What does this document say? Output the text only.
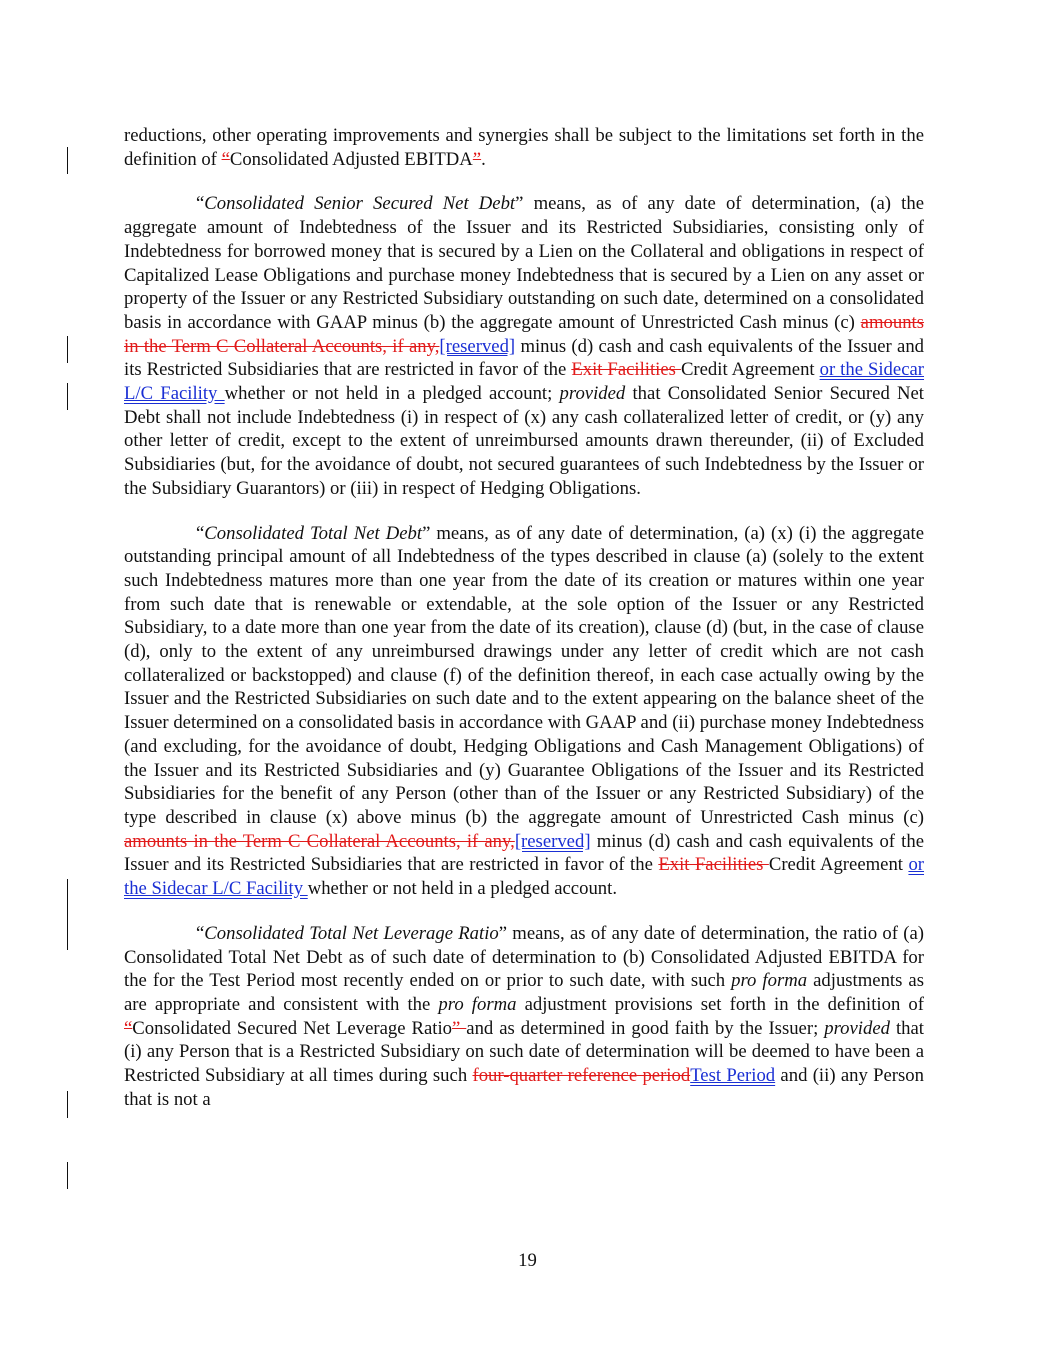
reductions, other operating improvements and synergies shall be subject to the limitations set forth in the definition of “Consolidated Adjusted EBITDA”.

“Consolidated Senior Secured Net Debt” means, as of any date of determination, (a) the aggregate amount of Indebtedness of the Issuer and its Restricted Subsidiaries, consisting only of Indebtedness for borrowed money that is secured by a Lien on the Collateral and obligations in respect of Capitalized Lease Obligations and purchase money Indebtedness that is secured by a Lien on any asset or property of the Issuer or any Restricted Subsidiary outstanding on such date, determined on a consolidated basis in accordance with GAAP minus (b) the aggregate amount of Unrestricted Cash minus (c) amounts in the Term C Collateral Accounts, if any,[reserved] minus (d) cash and cash equivalents of the Issuer and its Restricted Subsidiaries that are restricted in favor of the Exit Facilities Credit Agreement or the Sidecar L/C Facility whether or not held in a pledged account; provided that Consolidated Senior Secured Net Debt shall not include Indebtedness (i) in respect of (x) any cash collateralized letter of credit, or (y) any other letter of credit, except to the extent of unreimbursed amounts drawn thereunder, (ii) of Excluded Subsidiaries (but, for the avoidance of doubt, not secured guarantees of such Indebtedness by the Issuer or the Subsidiary Guarantors) or (iii) in respect of Hedging Obligations.

“Consolidated Total Net Debt” means, as of any date of determination, (a) (x) (i) the aggregate outstanding principal amount of all Indebtedness of the types described in clause (a) (solely to the extent such Indebtedness matures more than one year from the date of its creation or matures within one year from such date that is renewable or extendable, at the sole option of the Issuer or any Restricted Subsidiary, to a date more than one year from the date of its creation), clause (d) (but, in the case of clause (d), only to the extent of any unreimbursed drawings under any letter of credit which are not cash collateralized or backstopped) and clause (f) of the definition thereof, in each case actually owing by the Issuer and the Restricted Subsidiaries on such date and to the extent appearing on the balance sheet of the Issuer determined on a consolidated basis in accordance with GAAP and (ii) purchase money Indebtedness (and excluding, for the avoidance of doubt, Hedging Obligations and Cash Management Obligations) of the Issuer and its Restricted Subsidiaries and (y) Guarantee Obligations of the Issuer and its Restricted Subsidiaries for the benefit of any Person (other than of the Issuer or any Restricted Subsidiary) of the type described in clause (x) above minus (b) the aggregate amount of Unrestricted Cash minus (c) amounts in the Term C Collateral Accounts, if any,[reserved] minus (d) cash and cash equivalents of the Issuer and its Restricted Subsidiaries that are restricted in favor of the Exit Facilities Credit Agreement or the Sidecar L/C Facility whether or not held in a pledged account.

“Consolidated Total Net Leverage Ratio” means, as of any date of determination, the ratio of (a) Consolidated Total Net Debt as of such date of determination to (b) Consolidated Adjusted EBITDA for the for the Test Period most recently ended on or prior to such date, with such pro forma adjustments as are appropriate and consistent with the pro forma adjustment provisions set forth in the definition of “Consolidated Secured Net Leverage Ratio” and as determined in good faith by the Issuer; provided that (i) any Person that is a Restricted Subsidiary on such date of determination will be deemed to have been a Restricted Subsidiary at all times during such four-quarter reference periodTest Period and (ii) any Person that is not a

19
